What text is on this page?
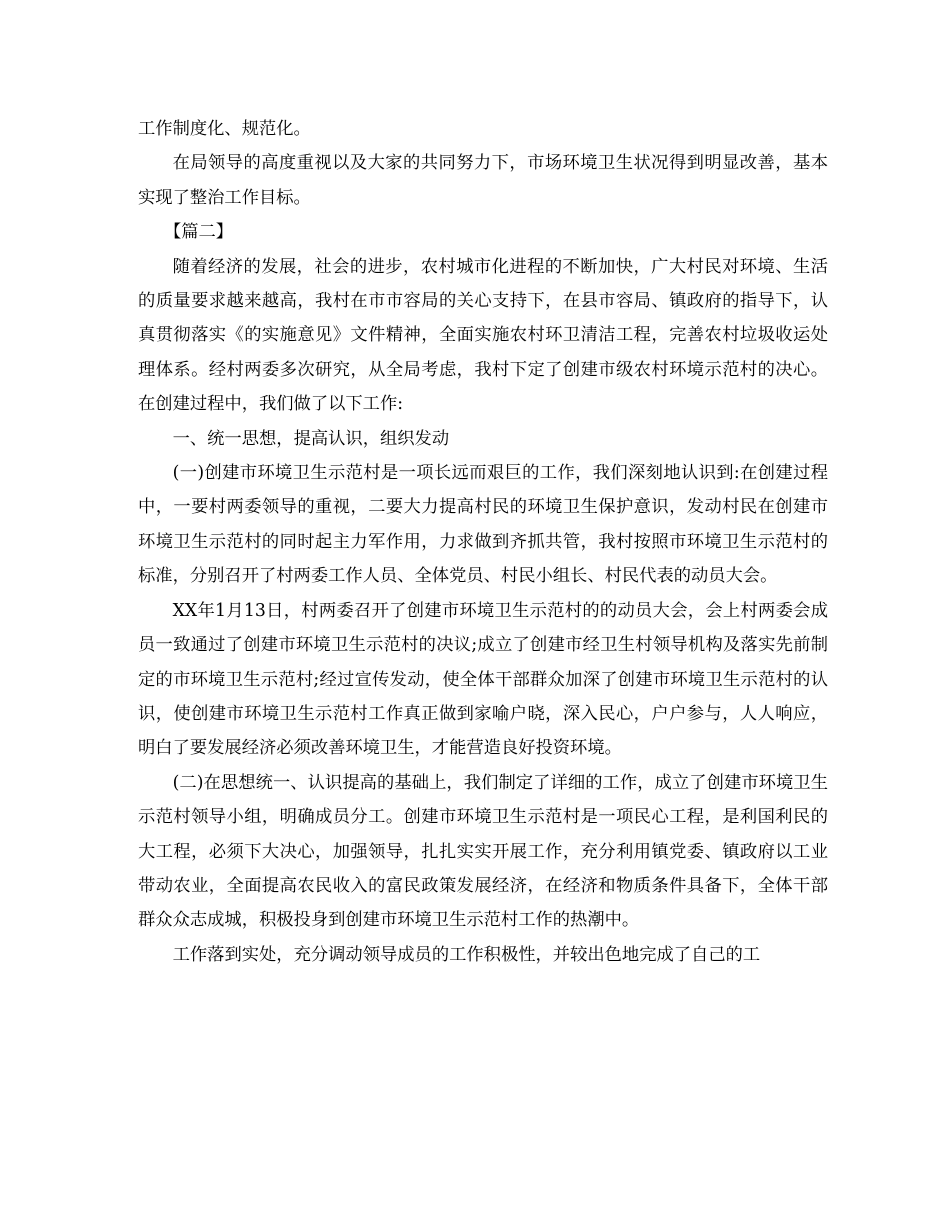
工作制度化、规范化。

在局领导的高度重视以及大家的共同努力下，市场环境卫生状况得到明显改善，基本实现了整治工作目标。

【篇二】

随着经济的发展，社会的进步，农村城市化进程的不断加快，广大村民对环境、生活的质量要求越来越高，我村在市市容局的关心支持下，在县市容局、镇政府的指导下，认真贯彻落实《的实施意见》文件精神，全面实施农村环卫清洁工程，完善农村垃圾收运处理体系。经村两委多次研究，从全局考虑，我村下定了创建市级农村环境示范村的决心。在创建过程中，我们做了以下工作:

一、统一思想，提高认识，组织发动

(一)创建市环境卫生示范村是一项长远而艰巨的工作，我们深刻地认识到:在创建过程中，一要村两委领导的重视，二要大力提高村民的环境卫生保护意识，发动村民在创建市环境卫生示范村的同时起主力军作用，力求做到齐抓共管，我村按照市环境卫生示范村的标准，分别召开了村两委工作人员、全体党员、村民小组长、村民代表的动员大会。

XX年1月13日，村两委召开了创建市环境卫生示范村的的动员大会，会上村两委会成员一致通过了创建市环境卫生示范村的决议;成立了创建市经卫生村领导机构及落实先前制定的市环境卫生示范村;经过宣传发动，使全体干部群众加深了创建市环境卫生示范村的认识，使创建市环境卫生示范村工作真正做到家喻户晓，深入民心，户户参与，人人响应，明白了要发展经济必须改善环境卫生，才能营造良好投资环境。

(二)在思想统一、认识提高的基础上，我们制定了详细的工作，成立了创建市环境卫生示范村领导小组，明确成员分工。创建市环境卫生示范村是一项民心工程，是利国利民的大工程，必须下大决心，加强领导，扎扎实实开展工作，充分利用镇党委、镇政府以工业带动农业，全面提高农民收入的富民政策发展经济，在经济和物质条件具备下，全体干部群众众志成城，积极投身到创建市环境卫生示范村工作的热潮中。

工作落到实处，充分调动领导成员的工作积极性，并较出色地完成了自己的工
